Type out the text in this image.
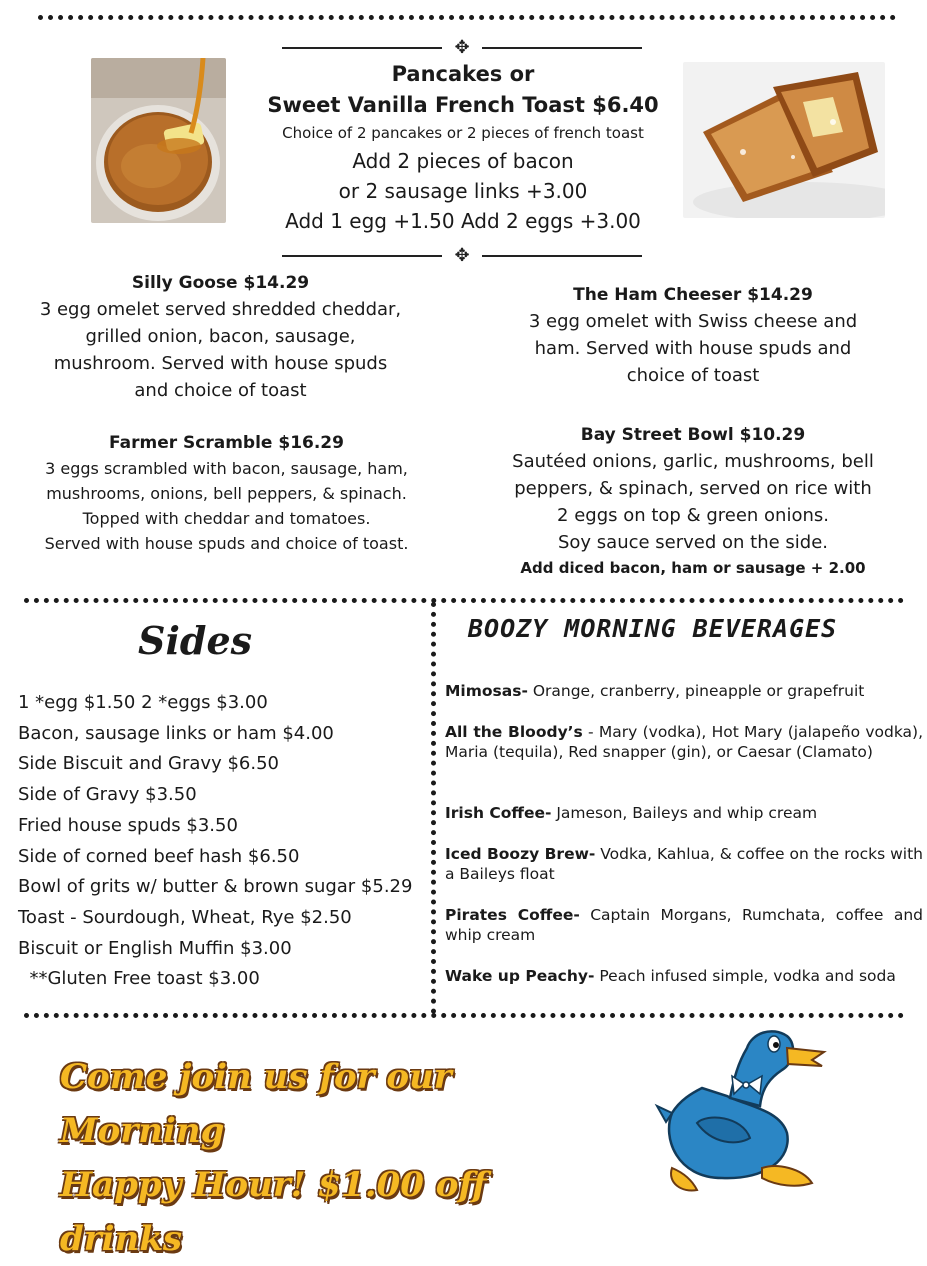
✥
✥
Pancakes or
Sweet Vanilla French Toast $6.40
Choice of 2 pancakes or 2 pieces of french toast
Add 2 pieces of bacon
or 2 sausage links +3.00
Add 1 egg +1.50 Add 2 eggs +3.00
Silly Goose $14.29
3 egg omelet served shredded cheddar,
grilled onion, bacon, sausage,
mushroom. Served with house spuds
and choice of toast
The Ham Cheeser $14.29
3 egg omelet with Swiss cheese and
ham. Served with house spuds and
choice of toast
Farmer Scramble $16.29
3 eggs scrambled with bacon, sausage, ham,
mushrooms, onions, bell peppers, & spinach.
Topped with cheddar and tomatoes.
Served with house spuds and choice of toast.
Bay Street Bowl $10.29
Sautéed onions, garlic, mushrooms, bell
peppers, & spinach, served on rice with
2 eggs on top & green onions.
Soy sauce served on the side.
Add diced bacon, ham or sausage + 2.00
Sides
1 *egg $1.50 2 *eggs $3.00
Bacon, sausage links or ham $4.00
Side Biscuit and Gravy $6.50
Side of Gravy $3.50
Fried house spuds $3.50
Side of corned beef hash $6.50
Bowl of grits w/ butter & brown sugar $5.29
Toast - Sourdough, Wheat, Rye $2.50
Biscuit or English Muffin $3.00
**Gluten Free toast $3.00
BOOZY MORNING BEVERAGES
Mimosas- Orange, cranberry, pineapple or grapefruit
All the Bloody’s - Mary (vodka), Hot Mary (jalapeño vodka), Maria (tequila), Red snapper (gin), or Caesar (Clamato)
Irish Coffee- Jameson, Baileys and whip cream
Iced Boozy Brew- Vodka, Kahlua, & coffee on the rocks with a Baileys float
Pirates Coffee- Captain Morgans, Rumchata, coffee and whip cream
Wake up Peachy- Peach infused simple, vodka and soda
Come join us for our Morning
Happy Hour! $1.00 off drinks
